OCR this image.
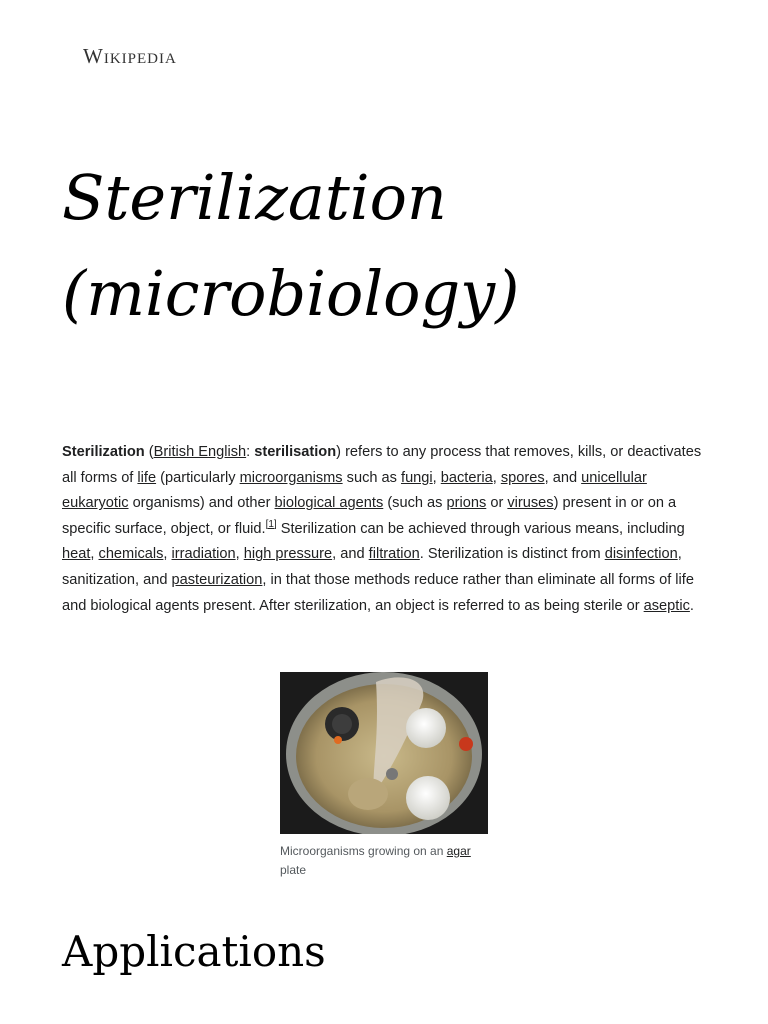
Wikipedia
Sterilization
(microbiology)

Sterilization (British English: sterilisation) refers to any process that removes, kills, or deactivates all forms of life (particularly microorganisms such as fungi, bacteria, spores, and unicellular eukaryotic organisms) and other biological agents (such as prions or viruses) present in or on a specific surface, object, or fluid.[1] Sterilization can be achieved through various means, including heat, chemicals, irradiation, high pressure, and filtration. Sterilization is distinct from disinfection, sanitization, and pasteurization, in that those methods reduce rather than eliminate all forms of life and biological agents present. After sterilization, an object is referred to as being sterile or aseptic.

Microorganisms growing on an agar
plate
Applications
